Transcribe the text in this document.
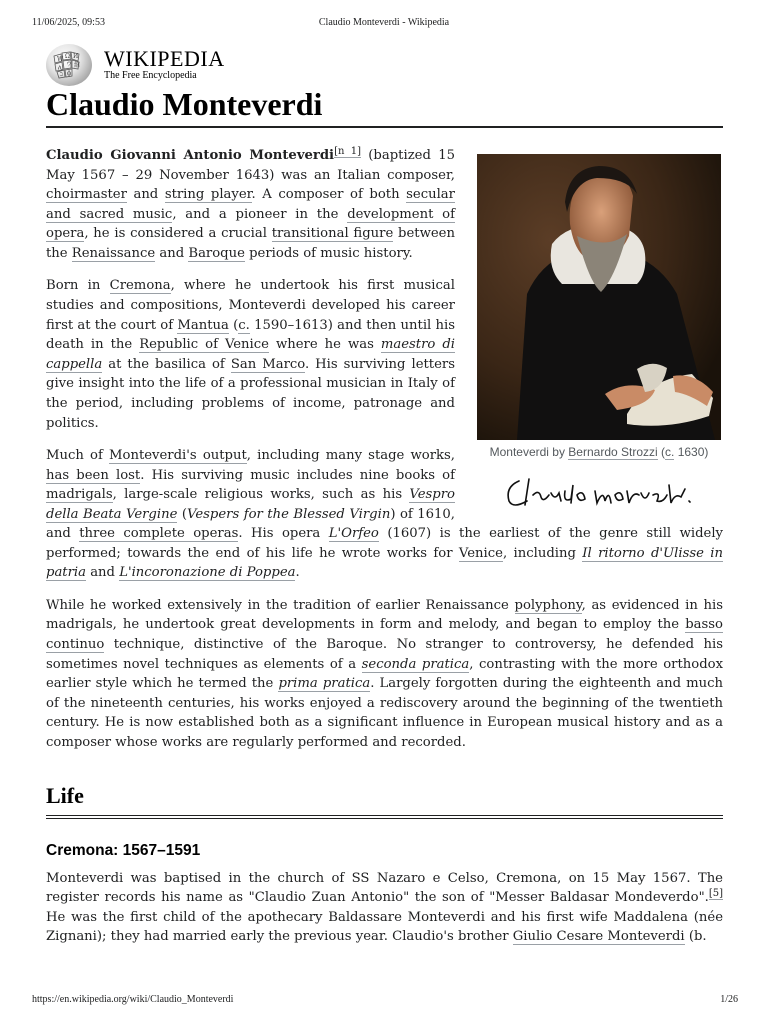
11/06/2025, 09:53	Claudio Monteverdi - Wikipedia
W Ω И
ሊ ウ 維
ב ϕ
WIKIPEDIA
The Free Encyclopedia
Claudio Monteverdi
Monteverdi by Bernardo Strozzi (c. 1630)

Claudio Giovanni Antonio Monteverdi[n 1] (baptized 15 May 1567 – 29 November 1643) was an Italian composer, choirmaster and string player. A composer of both secular and sacred music, and a pioneer in the development of opera, he is considered a crucial transitional figure between the Renaissance and Baroque periods of music history.

Born in Cremona, where he undertook his first musical studies and compositions, Monteverdi developed his career first at the court of Mantua (c. 1590–1613) and then until his death in the Republic of Venice where he was maestro di cappella at the basilica of San Marco. His surviving letters give insight into the life of a professional musician in Italy of the period, including problems of income, patronage and politics.

Much of Monteverdi's output, including many stage works, has been lost. His surviving music includes nine books of madrigals, large-scale religious works, such as his Vespro della Beata Vergine (Vespers for the Blessed Virgin) of 1610, and three complete operas. His opera L'Orfeo (1607) is the earliest of the genre still widely performed; towards the end of his life he wrote works for Venice, including Il ritorno d'Ulisse in patria and L'incoronazione di Poppea.

While he worked extensively in the tradition of earlier Renaissance polyphony, as evidenced in his madrigals, he undertook great developments in form and melody, and began to employ the basso continuo technique, distinctive of the Baroque. No stranger to controversy, he defended his sometimes novel techniques as elements of a seconda pratica, contrasting with the more orthodox earlier style which he termed the prima pratica. Largely forgotten during the eighteenth and much of the nineteenth centuries, his works enjoyed a rediscovery around the beginning of the twentieth century. He is now established both as a significant influence in European musical history and as a composer whose works are regularly performed and recorded.

Life
Cremona: 1567–1591

Monteverdi was baptised in the church of SS Nazaro e Celso, Cremona, on 15 May 1567. The register records his name as "Claudio Zuan Antonio" the son of "Messer Baldasar Mondeverdo".[5] He was the first child of the apothecary Baldassare Monteverdi and his first wife Maddalena (née Zignani); they had married early the previous year. Claudio's brother Giulio Cesare Monteverdi (b.

https://en.wikipedia.org/wiki/Claudio_Monteverdi	1/26
